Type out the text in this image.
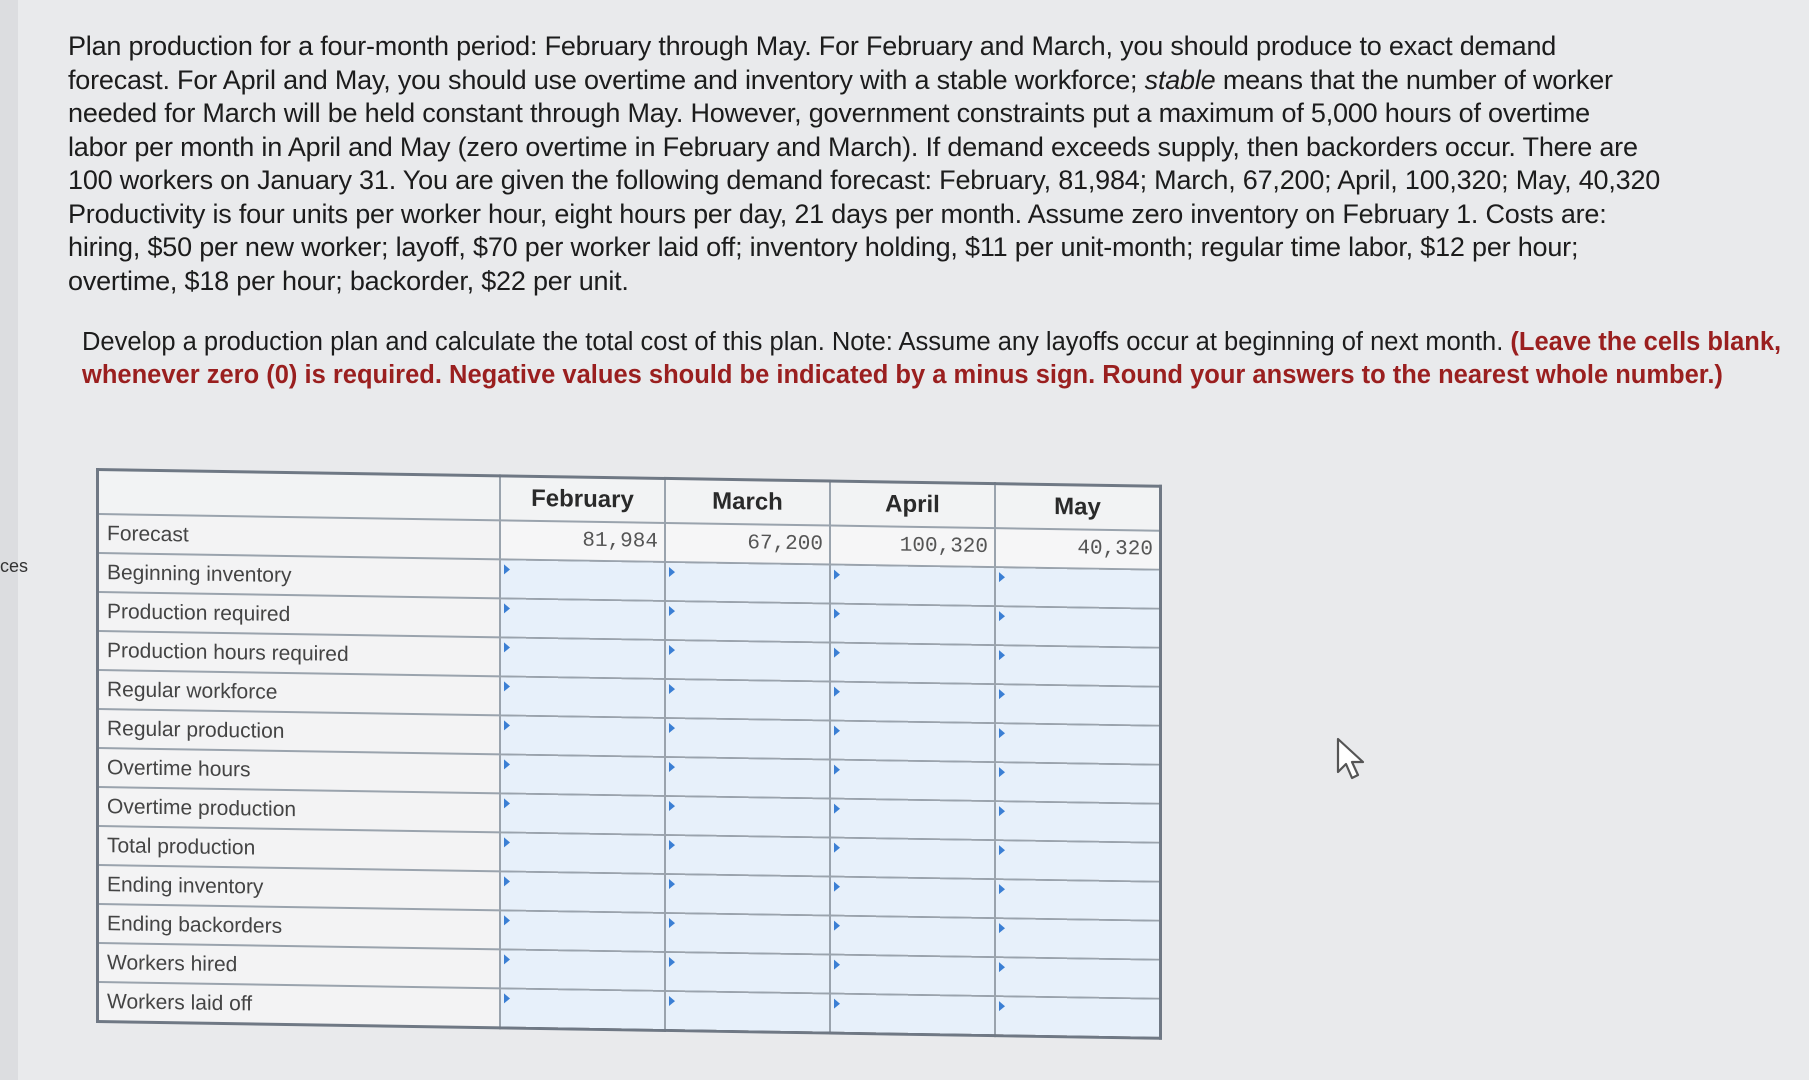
ces

Plan production for a four-month period: February through May. For February and March, you should produce to exact demand

forecast. For April and May, you should use overtime and inventory with a stable workforce; stable means that the number of worker

needed for March will be held constant through May. However, government constraints put a maximum of 5,000 hours of overtime

labor per month in April and May (zero overtime in February and March). If demand exceeds supply, then backorders occur. There are

100 workers on January 31. You are given the following demand forecast: February, 81,984; March, 67,200; April, 100,320; May, 40,320

Productivity is four units per worker hour, eight hours per day, 21 days per month. Assume zero inventory on February 1. Costs are:

hiring, $50 per new worker; layoff, $70 per worker laid off; inventory holding, $11 per unit-month; regular time labor, $12 per hour;

overtime, $18 per hour; backorder, $22 per unit.

Develop a production plan and calculate the total cost of this plan. Note: Assume any layoffs occur at beginning of next month. (Leave the cells blank, whenever zero (0) is required. Negative values should be indicated by a minus sign. Round your answers to the nearest whole number.)

	February	March	April	May
Forecast	81,984	67,200	100,320	40,320
Beginning inventory				
Production required				
Production hours required				
Regular workforce				
Regular production				
Overtime hours				
Overtime production				
Total production				
Ending inventory				
Ending backorders				
Workers hired				
Workers laid off				
